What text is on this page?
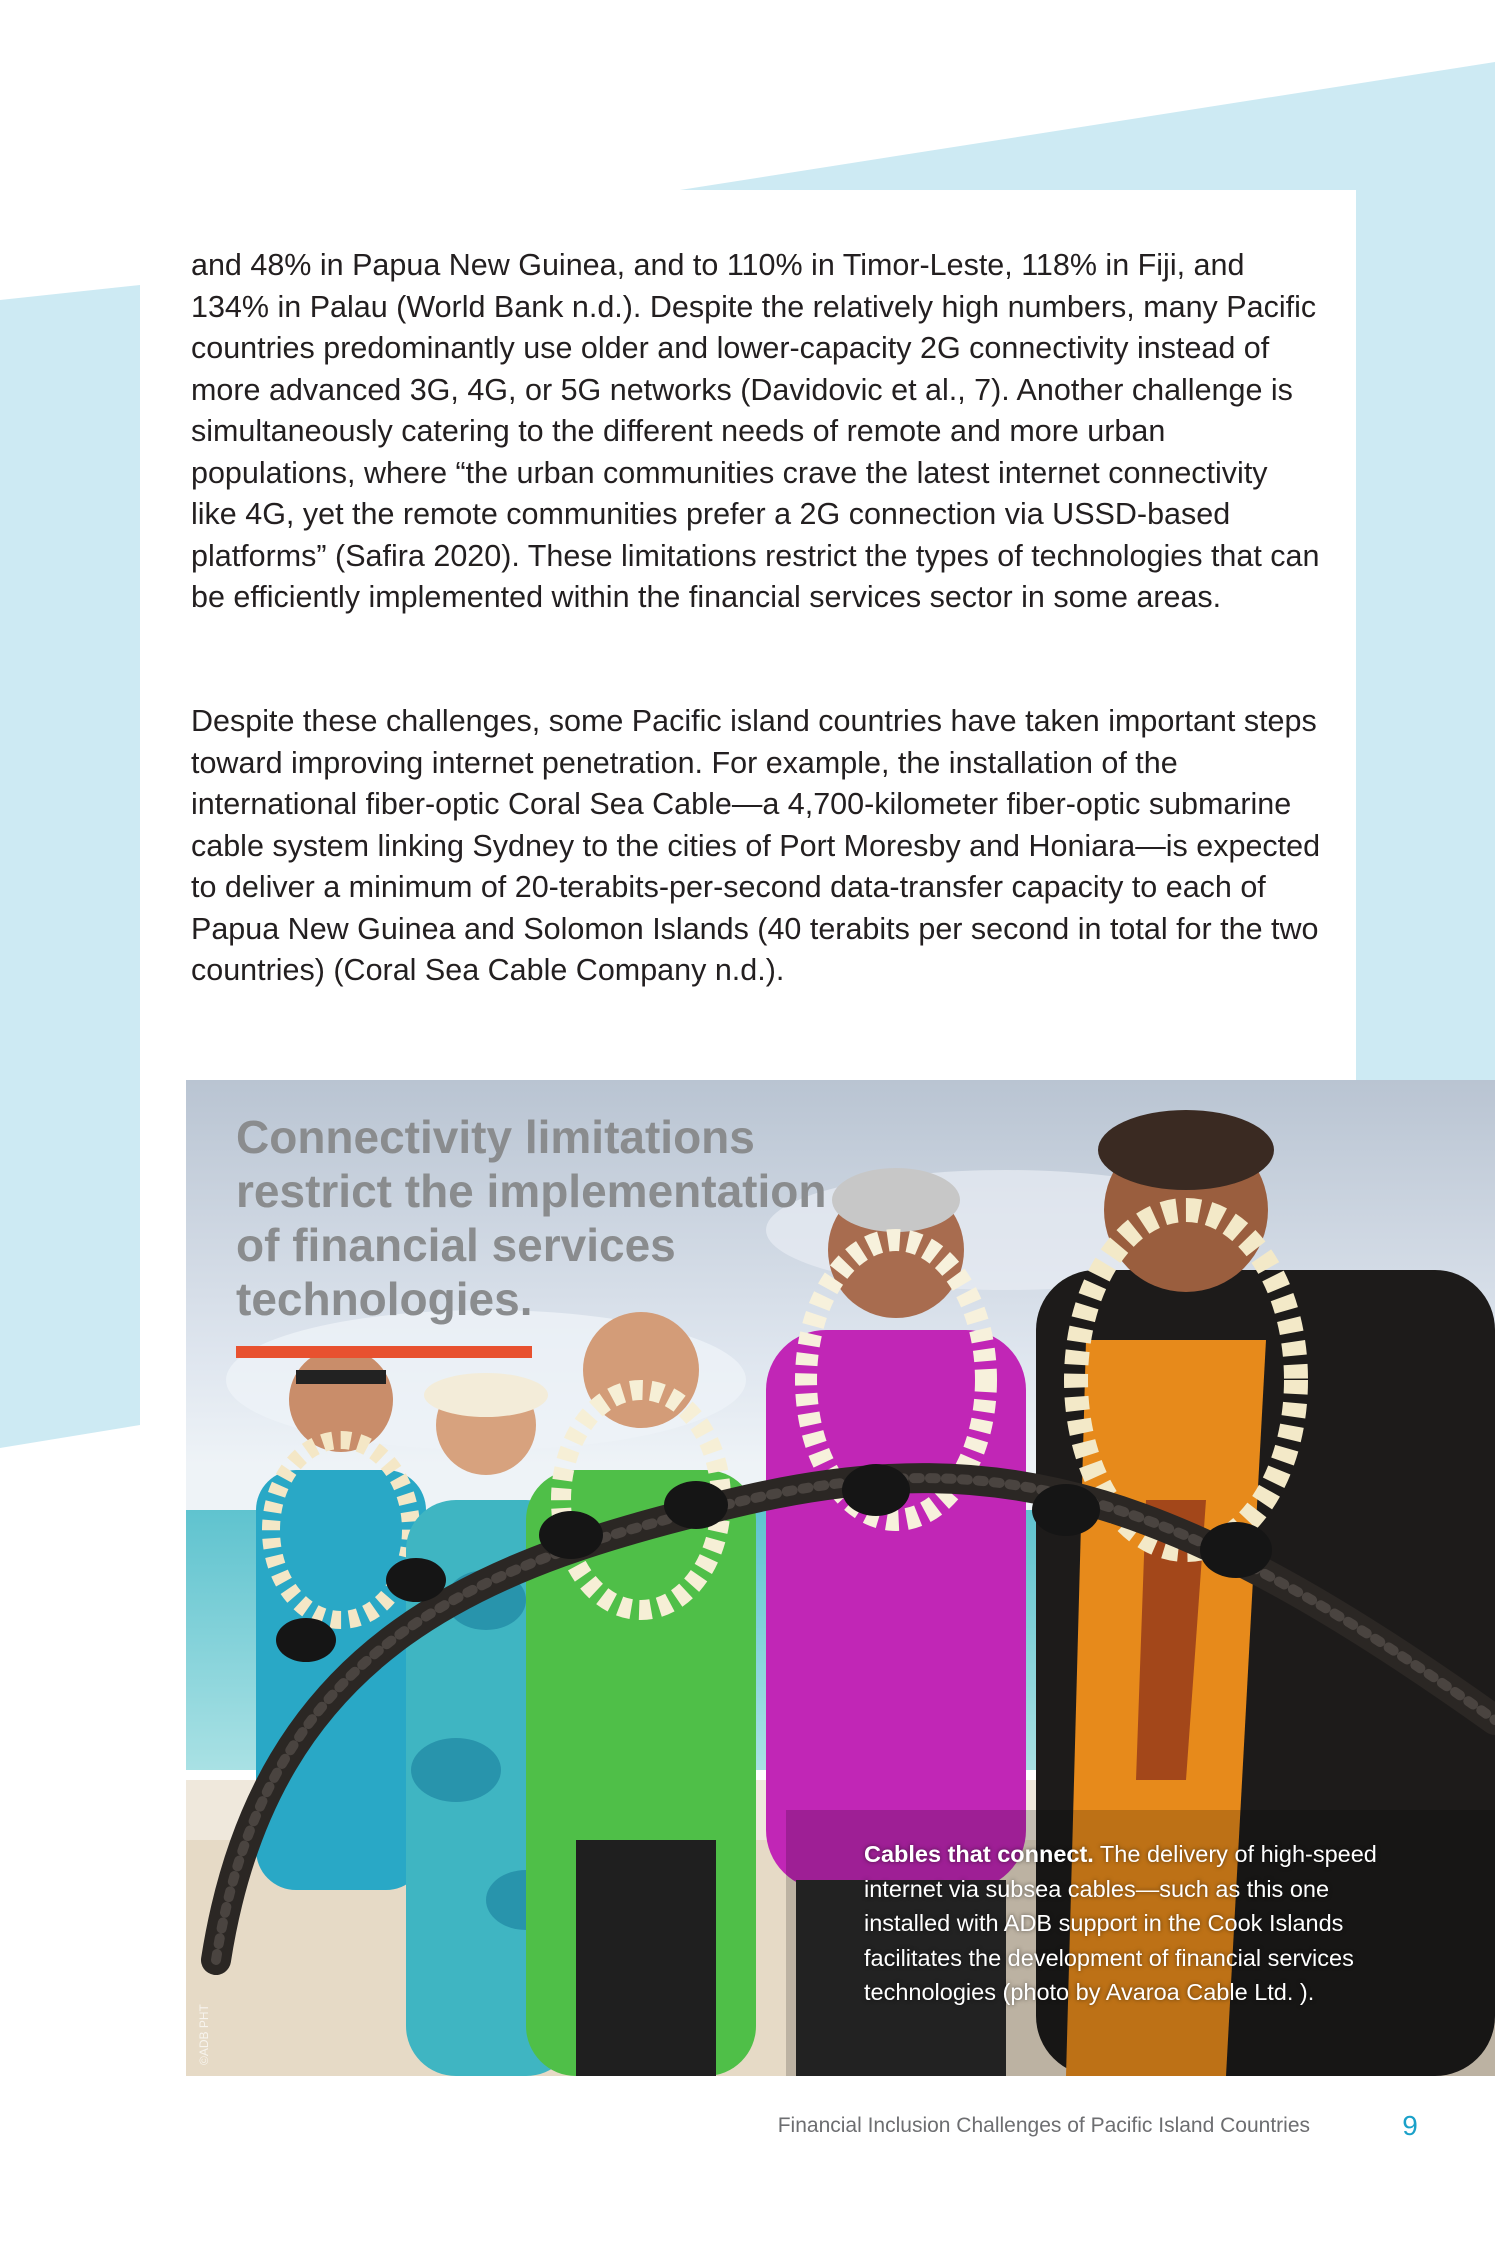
and 48% in Papua New Guinea, and to 110% in Timor-Leste, 118% in Fiji, and 134% in Palau (World Bank n.d.). Despite the relatively high numbers, many Pacific countries predominantly use older and lower-capacity 2G connectivity instead of more advanced 3G, 4G, or 5G networks (Davidovic et al., 7). Another challenge is simultaneously catering to the different needs of remote and more urban populations, where “the urban communities crave the latest internet connectivity like 4G, yet the remote communities prefer a 2G connection via USSD-based platforms” (Safira 2020). These limitations restrict the types of technologies that can be efficiently implemented within the financial services sector in some areas.

Despite these challenges, some Pacific island countries have taken important steps toward improving internet penetration. For example, the installation of the international fiber-optic Coral Sea Cable—a 4,700-kilometer fiber-optic submarine cable system linking Sydney to the cities of Port Moresby and Honiara—is expected to deliver a minimum of 20-terabits-per-second data-transfer capacity to each of Papua New Guinea and Solomon Islands (40 terabits per second in total for the two countries) (Coral Sea Cable Company n.d.).

©ADB PHT

Connectivity limitations restrict the implementation of financial services technologies.

Cables that connect. The delivery of high-speed internet via subsea cables—such as this one installed with ADB support in the Cook Islands facilitates the development of financial services technologies (photo by Avaroa Cable Ltd. ).

Financial Inclusion Challenges of Pacific Island Countries	9
